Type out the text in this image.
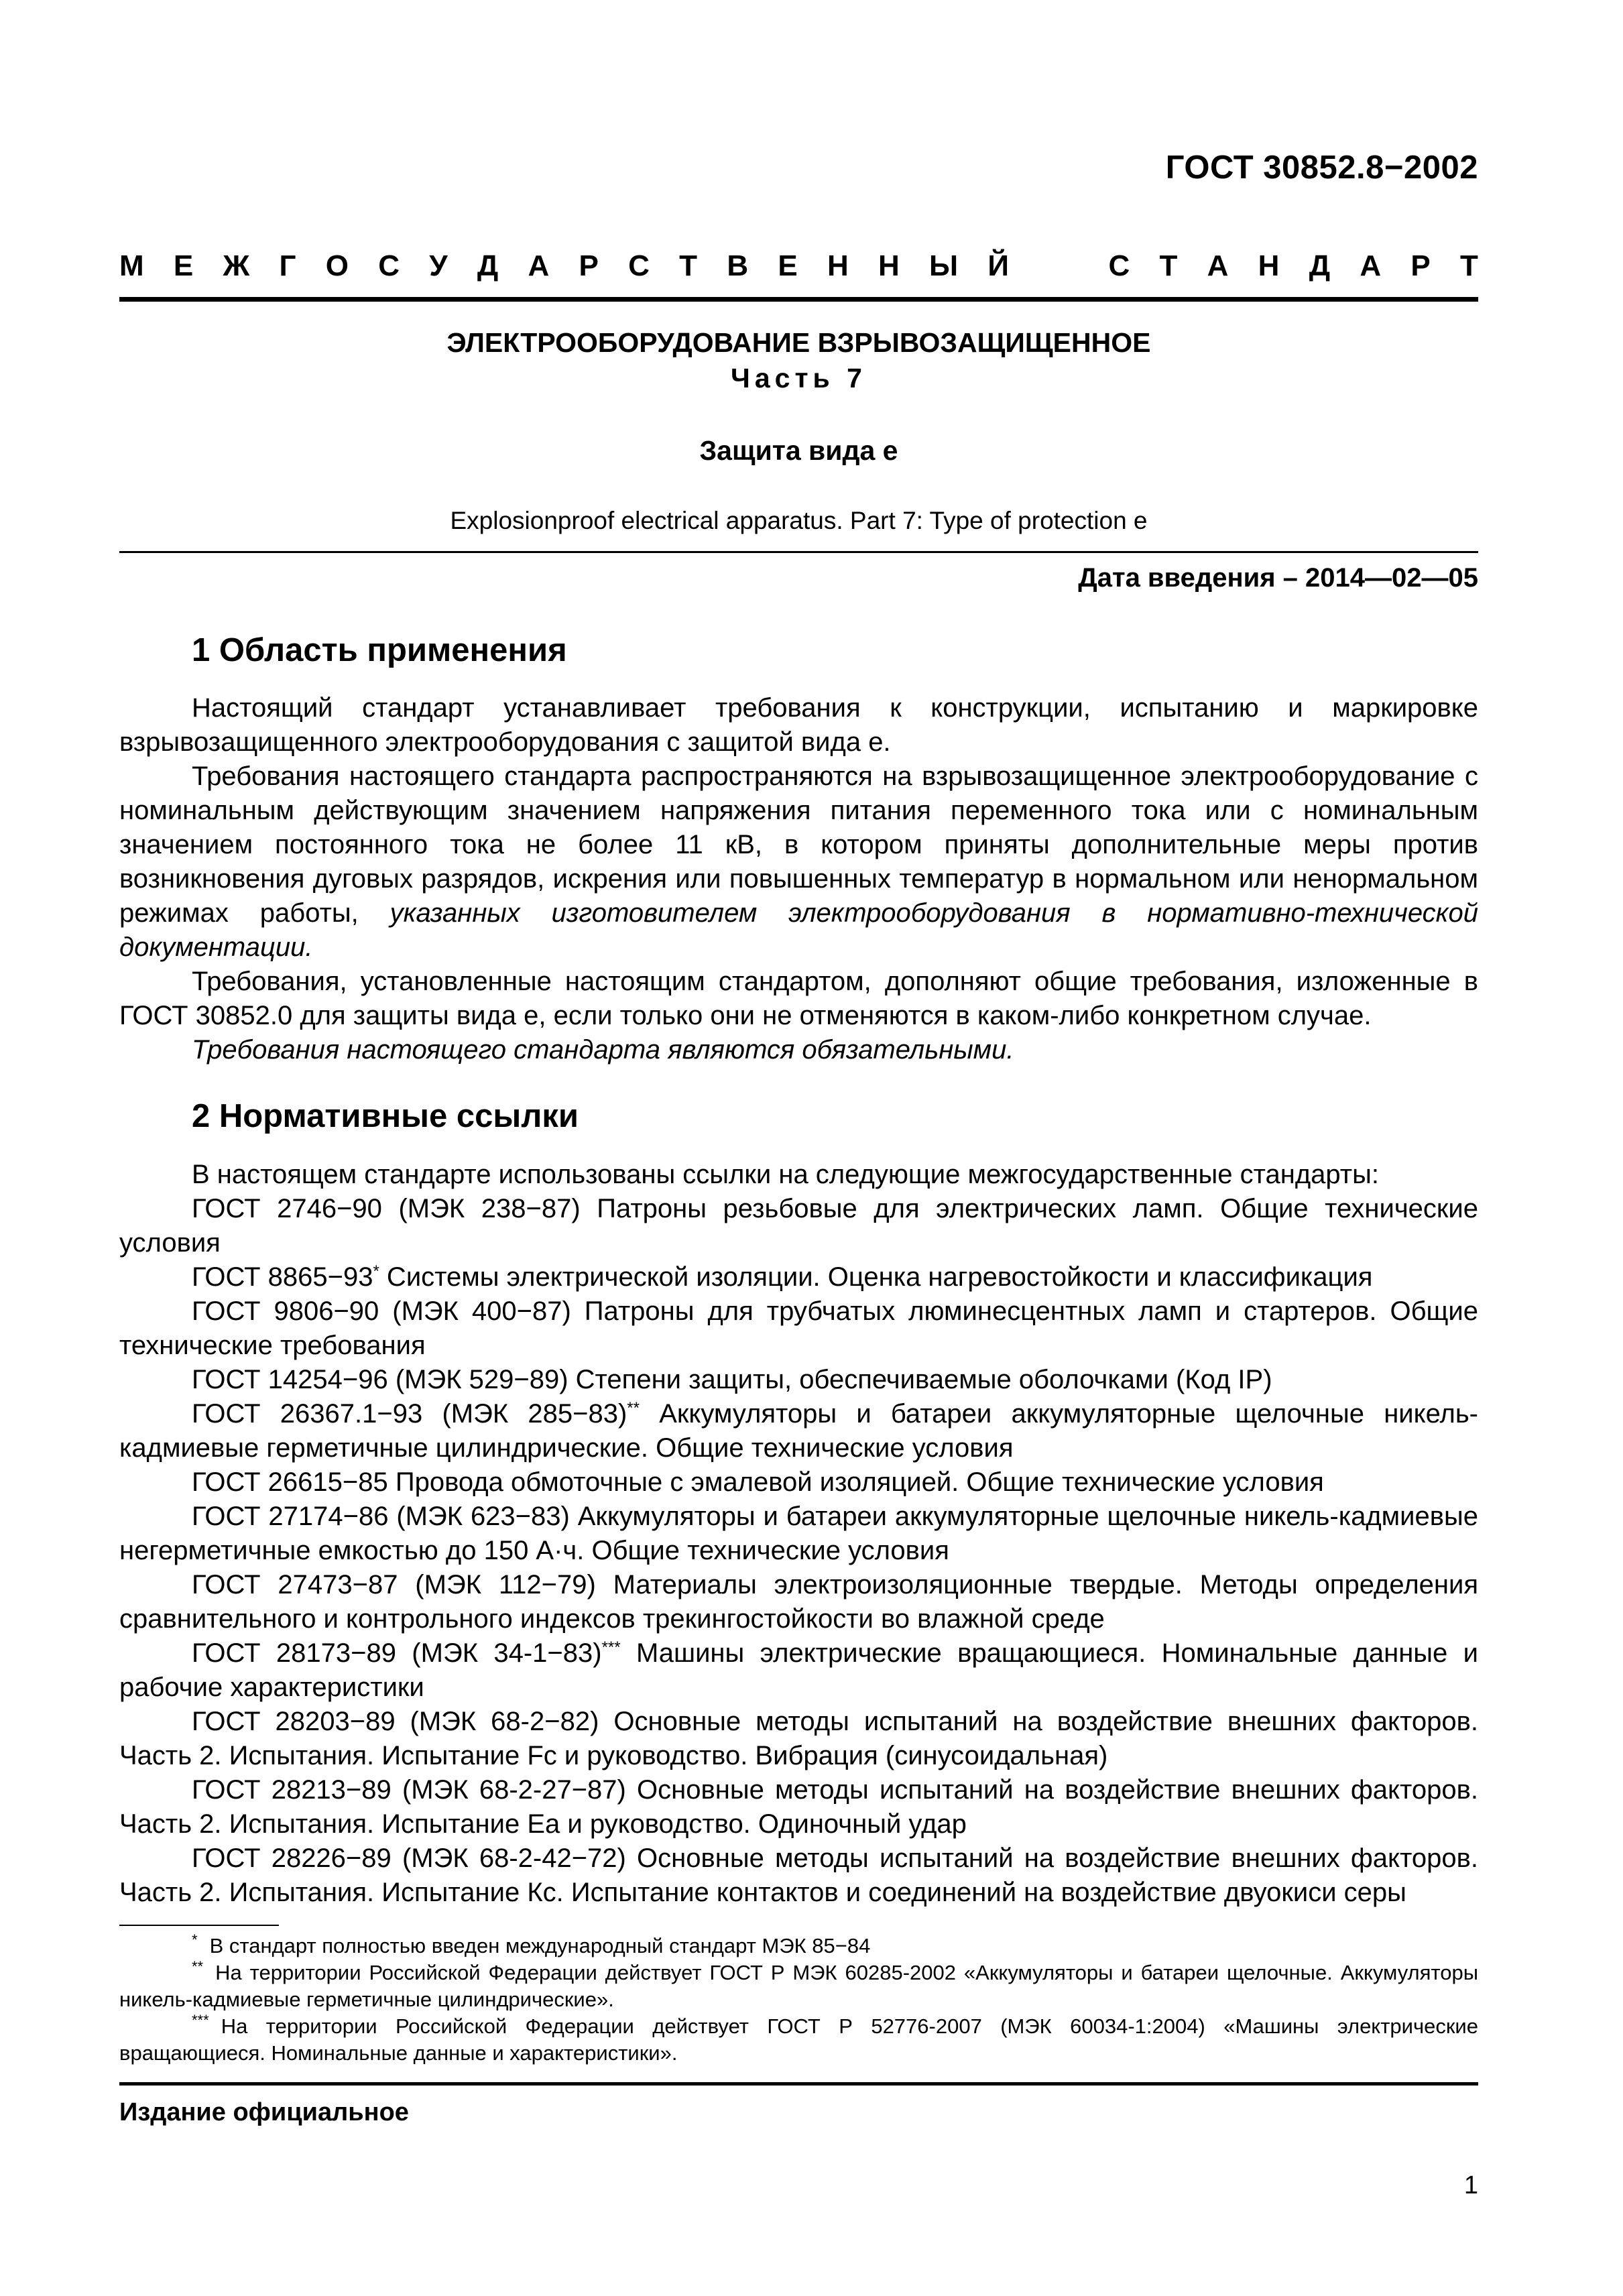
ГОСТ 30852.8−2002
М Е Ж Г О С У Д А Р С Т В Е Н Н Ы Й	С Т А Н Д А Р Т
ЭЛЕКТРООБОРУДОВАНИЕ ВЗРЫВОЗАЩИЩЕННОЕ
Часть 7
Защита вида е
Explosionproof electrical apparatus. Part 7: Type of protection e
Дата введения – 2014—02—05
1 Область применения

Настоящий стандарт устанавливает требования к конструкции, испытанию и маркировке взрывозащищенного электрооборудования с защитой вида е.

Требования настоящего стандарта распространяются на взрывозащищенное электрооборудование с номинальным действующим значением напряжения питания переменного тока или с номинальным значением постоянного тока не более 11 кВ, в котором приняты дополнительные меры против возникновения дуговых разрядов, искрения или повышенных температур в нормальном или ненормальном режимах работы, указанных изготовителем электрооборудования в нормативно-технической документации.

Требования, установленные настоящим стандартом, дополняют общие требования, изложенные в ГОСТ 30852.0 для защиты вида е, если только они не отменяются в каком-либо конкретном случае.

Требования настоящего стандарта являются обязательными.

2 Нормативные ссылки

В настоящем стандарте использованы ссылки на следующие межгосударственные стандарты:

ГОСТ 2746−90 (МЭК 238−87) Патроны резьбовые для электрических ламп. Общие технические условия

ГОСТ 8865−93* Системы электрической изоляции. Оценка нагревостойкости и классификация

ГОСТ 9806−90 (МЭК 400−87) Патроны для трубчатых люминесцентных ламп и стартеров. Общие технические требования

ГОСТ 14254−96 (МЭК 529−89) Степени защиты, обеспечиваемые оболочками (Код IP)

ГОСТ 26367.1−93 (МЭК 285−83)** Аккумуляторы и батареи аккумуляторные щелочные никель-кадмиевые герметичные цилиндрические. Общие технические условия

ГОСТ 26615−85 Провода обмоточные с эмалевой изоляцией. Общие технические условия

ГОСТ 27174−86 (МЭК 623−83) Аккумуляторы и батареи аккумуляторные щелочные никель-кадмиевые негерметичные емкостью до 150 А·ч. Общие технические условия

ГОСТ 27473−87 (МЭК 112−79) Материалы электроизоляционные твердые. Методы определения сравнительного и контрольного индексов трекингостойкости во влажной среде

ГОСТ 28173−89 (МЭК 34-1−83)*** Машины электрические вращающиеся. Номинальные данные и рабочие характеристики

ГОСТ 28203−89 (МЭК 68-2−82) Основные методы испытаний на воздействие внешних факторов. Часть 2. Испытания. Испытание Fc и руководство. Вибрация (синусоидальная)

ГОСТ 28213−89 (МЭК 68-2-27−87) Основные методы испытаний на воздействие внешних факторов. Часть 2. Испытания. Испытание Еа и руководство. Одиночный удар

ГОСТ 28226−89 (МЭК 68-2-42−72) Основные методы испытаний на воздействие внешних факторов. Часть 2. Испытания. Испытание Кс. Испытание контактов и соединений на воздействие двуокиси серы

* В стандарт полностью введен международный стандарт МЭК 85−84

** На территории Российской Федерации действует ГОСТ Р МЭК 60285-2002 «Аккумуляторы и батареи щелочные. Аккумуляторы никель-кадмиевые герметичные цилиндрические».

*** На территории Российской Федерации действует ГОСТ Р 52776-2007 (МЭК 60034-1:2004) «Машины электрические вращающиеся. Номинальные данные и характеристики».

Издание официальное
1
